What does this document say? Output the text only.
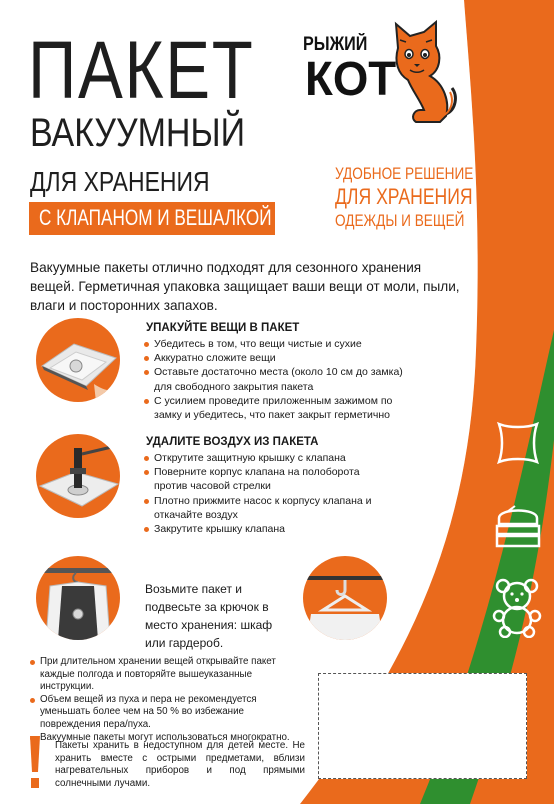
ПАКЕТ
ВАКУУМНЫЙ
ДЛЯ ХРАНЕНИЯ
С КЛАПАНОМ И ВЕШАЛКОЙ
РЫЖИЙ
КОТ
УДОБНОЕ РЕШЕНИЕ
ДЛЯ ХРАНЕНИЯ
ОДЕЖДЫ И ВЕЩЕЙ
Вакуумные пакеты отлично подходят для сезонного хранения вещей. Герметичная упаковка защищает ваши вещи от моли, пыли, влаги и посторонних запахов.
УПАКУЙТЕ ВЕЩИ В ПАКЕТ
Убедитесь в том, что вещи чистые и сухие
Аккуратно сложите вещи
Оставьте достаточно места (около 10 см до замка) для свободного закрытия пакета
С усилием проведите приложенным зажимом по замку и убедитесь, что пакет закрыт герметично
УДАЛИТЕ ВОЗДУХ ИЗ ПАКЕТА
Открутите защитную крышку с клапана
Поверните корпус клапана на полоборота против часовой стрелки
Плотно прижмите насос к корпусу клапана и откачайте воздух
Закрутите крышку клапана
Возьмите пакет и подвесьте за крючок в место хранения: шкаф или гардероб.
При длительном хранении вещей открывайте пакет каждые полгода и повторяйте вышеуказанные инструкции.
Объем вещей из пуха и пера не рекомендуется уменьшать более чем на 50 % во избежание повреждения пера/пуха.
Вакуумные пакеты могут использоваться многократно.
Пакеты хранить в недоступном для детей месте. Не хранить вместе с острыми предметами, вблизи нагревательных приборов и под прямыми солнечными лучами.
